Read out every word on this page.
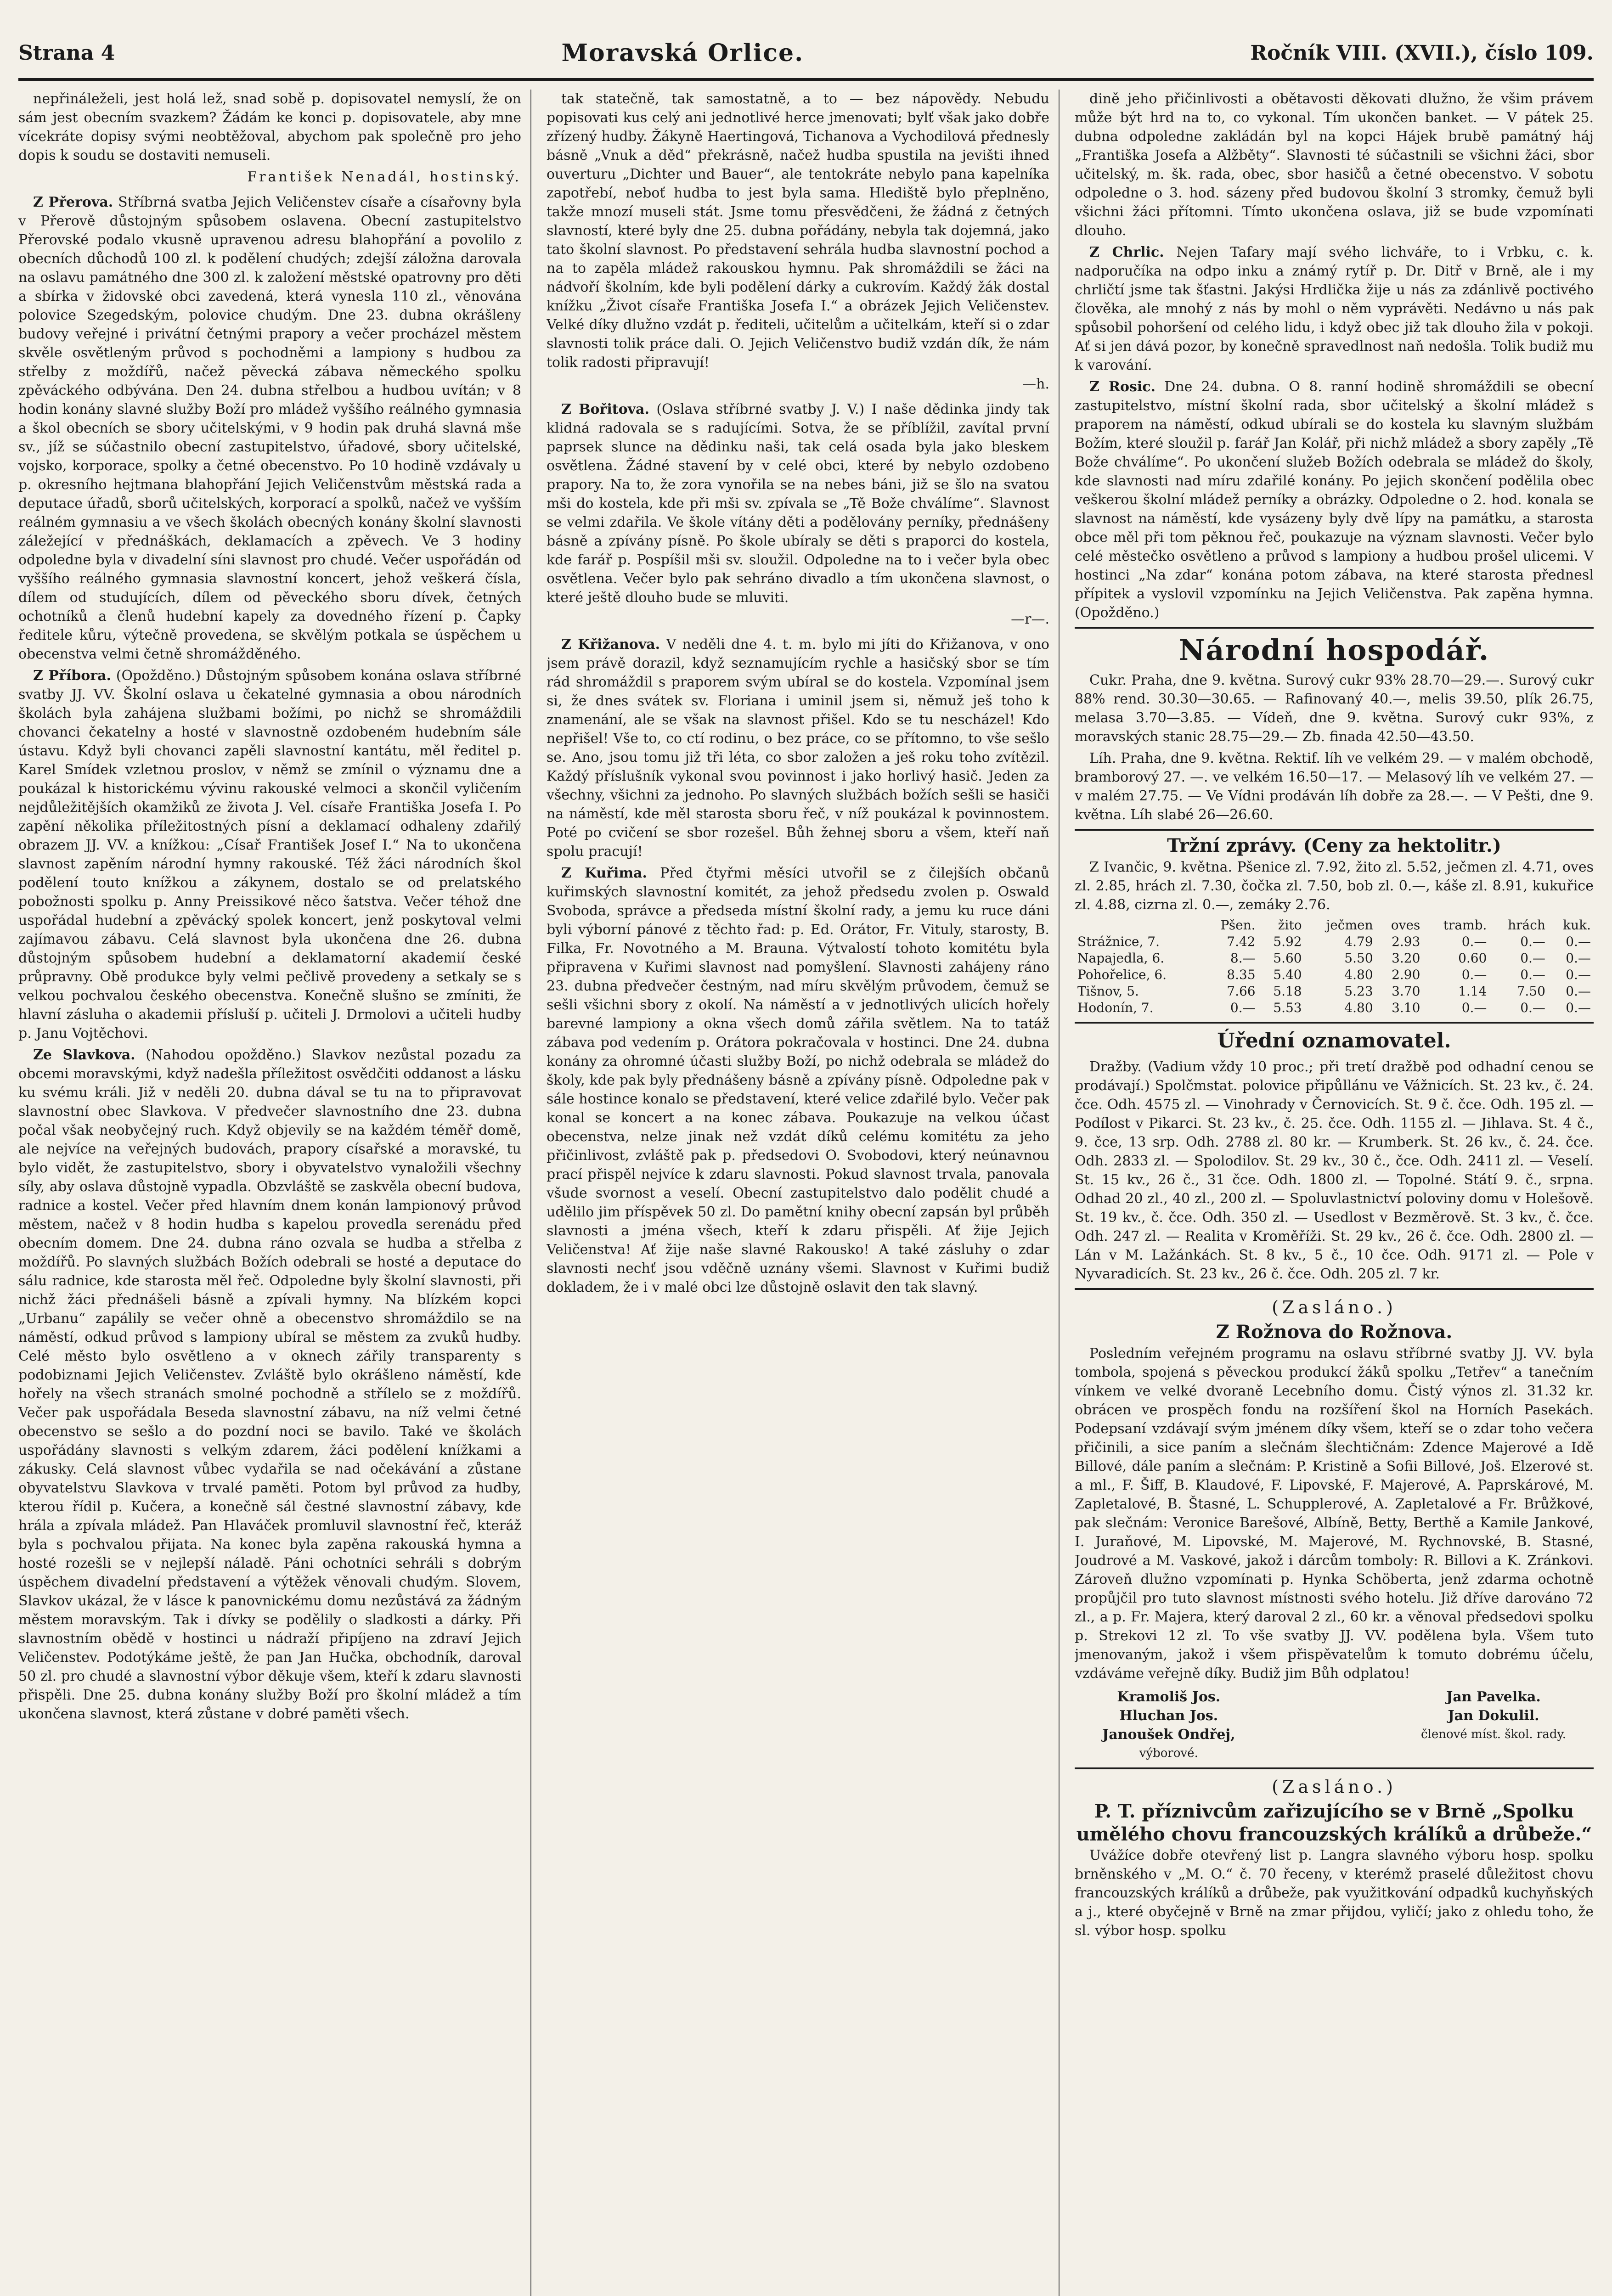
Strana 4	Moravská Orlice.	Ročník VIII. (XVII.), číslo 109.

nepřináleželi, jest holá lež, snad sobě p. dopisovatel nemyslí, že on sám jest obecním svazkem? Žádám ke konci p. dopisovatele, aby mne vícekráte dopisy svými neobtěžoval, abychom pak společně pro jeho dopis k soudu se dostaviti nemuseli.

František Nenadál, hostinský.

Z Přerova. Stříbrná svatba Jejich Veličenstev císaře a císařovny byla v Přerově důstojným spůsobem oslavena. Obecní zastupitelstvo Přerovské podalo vkusně upravenou adresu blahopřání a povolilo z obecních důchodů 100 zl. k podělení chudých; zdejší záložna darovala na oslavu památného dne 300 zl. k založení městské opatrovny pro děti a sbírka v židovské obci zavedená, která vynesla 110 zl., věnována polovice Szegedským, polovice chudým. Dne 23. dubna okrášleny budovy veřejné i privátní četnými prapory a večer procházel městem skvěle osvětleným průvod s pochodněmi a lampiony s hudbou za střelby z moždířů, načež pěvecká zábava německého spolku zpěváckého odbývána. Den 24. dubna střelbou a hudbou uvítán; v 8 hodin konány slavné služby Boží pro mládež vyššího reálného gymnasia a škol obecních se sbory učitelskými, v 9 hodin pak druhá slavná mše sv., jíž se súčastnilo obecní zastupitelstvo, úřadové, sbory učitelské, vojsko, korporace, spolky a četné obecenstvo. Po 10 hodině vzdávaly u p. okresního hejtmana blahopřání Jejich Veličenstvům městská rada a deputace úřadů, sborů učitelských, korporací a spolků, načež ve vyšším reálném gymnasiu a ve všech školách obecných konány školní slavnosti záležející v přednáškách, deklamacích a zpěvech. Ve 3 hodiny odpoledne byla v divadelní síni slavnost pro chudé. Večer uspořádán od vyššího reálného gymnasia slavnostní koncert, jehož veškerá čísla, dílem od studujících, dílem od pěveckého sboru dívek, četných ochotníků a členů hudební kapely za dovedného řízení p. Čapky ředitele kůru, výtečně provedena, se skvělým potkala se úspěchem u obecenstva velmi četně shromážděného.

Z Příbora. (Opožděno.) Důstojným spůsobem konána oslava stříbrné svatby JJ. VV. Školní oslava u čekatelné gymnasia a obou národních školách byla zahájena službami božími, po nichž se shromáždili chovanci čekatelny a hosté v slavnostně ozdobeném hudebním sále ústavu. Když byli chovanci zapěli slavnostní kantátu, měl ředitel p. Karel Smídek vzletnou proslov, v němž se zmínil o významu dne a poukázal k historickému vývinu rakouské velmoci a skončil vyličením nejdůležitějších okamžiků ze života J. Vel. císaře Františka Josefa I. Po zapění několika příležitostných písní a deklamací odhaleny zdařilý obrazem JJ. VV. a knížkou: „Císař František Josef I.“ Na to ukončena slavnost zapěním národní hymny rakouské. Též žáci národních škol podělení touto knížkou a zákynem, dostalo se od prelatského pobožnosti spolku p. Anny Preissikové něco šatstva. Večer téhož dne uspořádal hudební a zpěvácký spolek koncert, jenž poskytoval velmi zajímavou zábavu. Celá slavnost byla ukončena dne 26. dubna důstojným spůsobem hudební a deklamatorní akademií české průpravny. Obě produkce byly velmi pečlivě provedeny a setkaly se s velkou pochvalou českého obecenstva. Konečně slušno se zmíniti, že hlavní zásluha o akademii přísluší p. učiteli J. Drmolovi a učiteli hudby p. Janu Vojtěchovi.

Ze Slavkova. (Nahodou opožděno.) Slavkov nezůstal pozadu za obcemi moravskými, když nadešla příležitost osvědčiti oddanost a lásku ku svému králi. Již v neděli 20. dubna dával se tu na to připravovat slavnostní obec Slavkova. V předvečer slavnostního dne 23. dubna počal však neobyčejný ruch. Když objevily se na každém téměř domě, ale nejvíce na veřejných budovách, prapory císařské a moravské, tu bylo vidět, že zastupitelstvo, sbory i obyvatelstvo vynaložili všechny síly, aby oslava důstojně vypadla. Obzvláště se zaskvěla obecní budova, radnice a kostel. Večer před hlavním dnem konán lampionový průvod městem, načež v 8 hodin hudba s kapelou provedla serenádu před obecním domem. Dne 24. dubna ráno ozvala se hudba a střelba z moždířů. Po slavných službách Božích odebrali se hosté a deputace do sálu radnice, kde starosta měl řeč. Odpoledne byly školní slavnosti, při nichž žáci přednášeli básně a zpívali hymny. Na blízkém kopci „Urbanu“ zapálily se večer ohně a obecenstvo shromáždilo se na náměstí, odkud průvod s lampiony ubíral se městem za zvuků hudby. Celé město bylo osvětleno a v oknech zářily transparenty s podobiznami Jejich Veličenstev. Zvláště bylo okrášleno náměstí, kde hořely na všech stranách smolné pochodně a střílelo se z moždířů. Večer pak uspořádala Beseda slavnostní zábavu, na níž velmi četné obecenstvo se sešlo a do pozdní noci se bavilo. Také ve školách uspořádány slavnosti s velkým zdarem, žáci podělení knížkami a zákusky. Celá slavnost vůbec vydařila se nad očekávání a zůstane obyvatelstvu Slavkova v trvalé paměti. Potom byl průvod za hudby, kterou řídil p. Kučera, a konečně sál čestné slavnostní zábavy, kde hrála a zpívala mládež. Pan Hlaváček promluvil slavnostní řeč, kteráž byla s pochvalou přijata. Na konec byla zapěna rakouská hymna a hosté rozešli se v nejlepší náladě. Páni ochotníci sehráli s dobrým úspěchem divadelní představení a výtěžek věnovali chudým. Slovem, Slavkov ukázal, že v lásce k panovnickému domu nezůstává za žádným městem moravským. Tak i dívky se podělily o sladkosti a dárky. Při slavnostním obědě v hostinci u nádraží připíjeno na zdraví Jejich Veličenstev. Podotýkáme ještě, že pan Jan Hučka, obchodník, daroval 50 zl. pro chudé a slavnostní výbor děkuje všem, kteří k zdaru slavnosti přispěli. Dne 25. dubna konány služby Boží pro školní mládež a tím ukončena slavnost, která zůstane v dobré paměti všech.

tak statečně, tak samostatně, a to — bez nápovědy. Nebudu popisovati kus celý ani jednotlivé herce jmenovati; bylť však jako dobře zřízený hudby. Žákyně Haertingová, Tichanova a Vychodilová přednesly básně „Vnuk a děd“ překrásně, načež hudba spustila na jevišti ihned ouverturu „Dichter und Bauer“, ale tentokráte nebylo pana kapelníka zapotřebí, neboť hudba to jest byla sama. Hlediště bylo přeplněno, takže mnozí museli stát. Jsme tomu přesvědčeni, že žádná z četných slavností, které byly dne 25. dubna pořádány, nebyla tak dojemná, jako tato školní slavnost. Po představení sehrála hudba slavnostní pochod a na to zapěla mládež rakouskou hymnu. Pak shromáždili se žáci na nádvoří školním, kde byli podělení dárky a cukrovím. Každý žák dostal knížku „Život císaře Františka Josefa I.“ a obrázek Jejich Veličenstev. Velké díky dlužno vzdát p. řediteli, učitelům a učitelkám, kteří si o zdar slavnosti tolik práce dali. O. Jejich Veličenstvo budiž vzdán dík, že nám tolik radosti připravují!

—h.

Z Bořitova. (Oslava stříbrné svatby J. V.) I naše dědinka jindy tak klidná radovala se s radujícími. Sotva, že se příblížil, zavítal první paprsek slunce na dědinku naši, tak celá osada byla jako bleskem osvětlena. Žádné stavení by v celé obci, které by nebylo ozdobeno prapory. Na to, že zora vynořila se na nebes báni, již se šlo na svatou mši do kostela, kde při mši sv. zpívala se „Tě Bože chválíme“. Slavnost se velmi zdařila. Ve škole vítány děti a podělovány perníky, přednášeny básně a zpívány písně. Po škole ubíraly se děti s praporci do kostela, kde farář p. Pospíšil mši sv. sloužil. Odpoledne na to i večer byla obec osvětlena. Večer bylo pak sehráno divadlo a tím ukončena slavnost, o které ještě dlouho bude se mluviti.

—r—.

Z Křižanova. V neděli dne 4. t. m. bylo mi jíti do Křižanova, v ono jsem právě dorazil, když seznamujícím rychle a hasičský sbor se tím rád shromáždil s praporem svým ubíral se do kostela. Vzpomínal jsem si, že dnes svátek sv. Floriana i uminil jsem si, němuž ješ toho k znamenání, ale se však na slavnost přišel. Kdo se tu nescházel! Kdo nepřišel! Vše to, co ctí rodinu, o bez práce, co se přítomno, to vše sešlo se. Ano, jsou tomu již tři léta, co sbor založen a ješ roku toho zvítězil. Každý příslušník vykonal svou povinnost i jako horlivý hasič. Jeden za všechny, všichni za jednoho. Po slavných službách božích sešli se hasiči na náměstí, kde měl starosta sboru řeč, v níž poukázal k povinnostem. Poté po cvičení se sbor rozešel. Bůh žehnej sboru a všem, kteří naň spolu pracují!

Z Kuřima. Před čtyřmi měsíci utvořil se z čilejších občanů kuřimských slavnostní komitét, za jehož předsedu zvolen p. Oswald Svoboda, správce a předseda místní školní rady, a jemu ku ruce dáni byli výborní pánové z těchto řad: p. Ed. Orátor, Fr. Vituly, starosty, B. Filka, Fr. Novotného a M. Brauna. Výtvalostí tohoto komitétu byla připravena v Kuřimi slavnost nad pomyšlení. Slavnosti zahájeny ráno 23. dubna předvečer čestným, nad míru skvělým průvodem, čemuž se sešli všichni sbory z okolí. Na náměstí a v jednotlivých ulicích hořely barevné lampiony a okna všech domů zářila světlem. Na to tatáž zábava pod vedením p. Orátora pokračovala v hostinci. Dne 24. dubna konány za ohromné účasti služby Boží, po nichž odebrala se mládež do školy, kde pak byly přednášeny básně a zpívány písně. Odpoledne pak v sále hostince konalo se představení, které velice zdařilé bylo. Večer pak konal se koncert a na konec zábava. Poukazuje na velkou účast obecenstva, nelze jinak než vzdát díků celému komitétu za jeho přičinlivost, zvláště pak p. předsedovi O. Svobodovi, který neúnavnou prací přispěl nejvíce k zdaru slavnosti. Pokud slavnost trvala, panovala všude svornost a veselí. Obecní zastupitelstvo dalo podělit chudé a udělilo jim příspěvek 50 zl. Do pamětní knihy obecní zapsán byl průběh slavnosti a jména všech, kteří k zdaru přispěli. Ať žije Jejich Veličenstva! Ať žije naše slavné Rakousko! A také zásluhy o zdar slavnosti nechť jsou vděčně uznány všemi. Slavnost v Kuřimi budiž dokladem, že i v malé obci lze důstojně oslavit den tak slavný.

dině jeho přičinlivosti a obětavosti děkovati dlužno, že všim právem může být hrd na to, co vykonal. Tím ukončen banket. — V pátek 25. dubna odpoledne zakládán byl na kopci Hájek brubě památný háj „Františka Josefa a Alžběty“. Slavnosti té súčastnili se všichni žáci, sbor učitelský, m. šk. rada, obec, sbor hasičů a četné obecenstvo. V sobotu odpoledne o 3. hod. sázeny před budovou školní 3 stromky, čemuž byli všichni žáci přítomni. Tímto ukončena oslava, již se bude vzpomínati dlouho.

Z Chrlic. Nejen Tafary mají svého lichváře, to i Vrbku, c. k. nadporučíka na odpo inku a známý rytíř p. Dr. Ditř v Brně, ale i my chrličtí jsme tak šťastni. Jakýsi Hrdlička žije u nás za zdánlivě poctivého člověka, ale mnohý z nás by mohl o něm vyprávěti. Nedávno u nás pak spůsobil pohoršení od celého lidu, i když obec již tak dlouho žila v pokoji. Ať si jen dává pozor, by konečně spravedlnost naň nedošla. Tolik budiž mu k varování.

Z Rosic. Dne 24. dubna. O 8. ranní hodině shromáždili se obecní zastupitelstvo, místní školní rada, sbor učitelský a školní mládež s praporem na náměstí, odkud ubírali se do kostela ku slavným službám Božím, které sloužil p. farář Jan Kolář, při nichž mládež a sbory zapěly „Tě Bože chválíme“. Po ukončení služeb Božích odebrala se mládež do školy, kde slavnosti nad míru zdařilé konány. Po jejich skončení podělila obec veškerou školní mládež perníky a obrázky. Odpoledne o 2. hod. konala se slavnost na náměstí, kde vysázeny byly dvě lípy na památku, a starosta obce měl při tom pěknou řeč, poukazuje na význam slavnosti. Večer bylo celé městečko osvětleno a průvod s lampiony a hudbou prošel ulicemi. V hostinci „Na zdar“ konána potom zábava, na které starosta přednesl přípitek a vyslovil vzpomínku na Jejich Veličenstva. Pak zapěna hymna. (Opožděno.)

Národní hospodář.

Cukr. Praha, dne 9. května. Surový cukr 93% 28.70—29.—. Surový cukr 88% rend. 30.30—30.65. — Rafinovaný 40.—, melis 39.50, plík 26.75, melasa 3.70—3.85. — Vídeň, dne 9. května. Surový cukr 93%, z moravských stanic 28.75—29.— Zb. finada 42.50—43.50.

Líh. Praha, dne 9. května. Rektif. líh ve velkém 29. — v malém obchodě, bramborový 27. —. ve velkém 16.50—17. — Melasový líh ve velkém 27. — v malém 27.75. — Ve Vídni prodáván líh dobře za 28.—. — V Pešti, dne 9. května. Líh slabé 26—26.60.

Tržní zprávy. (Ceny za hektolitr.)

Z Ivančic, 9. května. Pšenice zl. 7.92, žito zl. 5.52, ječmen zl. 4.71, oves zl. 2.85, hrách zl. 7.30, čočka zl. 7.50, bob zl. 0.—, káše zl. 8.91, kukuřice zl. 4.88, cizrna zl. 0.—, zemáky 2.76.

	Pšen.	žito	ječmen	oves	tramb.	hrách	kuk.
Strážnice, 7.	7.42	5.92	4.79	2.93	0.—	0.—	0.—
Napajedla, 6.	8.—	5.60	5.50	3.20	0.60	0.—	0.—
Pohořelice, 6.	8.35	5.40	4.80	2.90	0.—	0.—	0.—
Tišnov, 5.	7.66	5.18	5.23	3.70	1.14	7.50	0.—
Hodonín, 7.	0.—	5.53	4.80	3.10	0.—	0.—	0.—
Úřední oznamovatel.

Dražby. (Vadium vždy 10 proc.; při tretí dražbě pod odhadní cenou se prodávají.) Spolčmstat. polovice připůllánu ve Vážnicích. St. 23 kv., č. 24. čce. Odh. 4575 zl. — Vinohrady v Černovicích. St. 9 č. čce. Odh. 195 zl. — Podílost v Pikarci. St. 23 kv., č. 25. čce. Odh. 1155 zl. — Jihlava. St. 4 č., 9. čce, 13 srp. Odh. 2788 zl. 80 kr. — Krumberk. St. 26 kv., č. 24. čce. Odh. 2833 zl. — Spolodilov. St. 29 kv., 30 č., čce. Odh. 2411 zl. — Veselí. St. 15 kv., 26 č., 31 čce. Odh. 1800 zl. — Topolné. Státí 9. č., srpna. Odhad 20 zl., 40 zl., 200 zl. — Spoluvlastnictví poloviny domu v Holešově. St. 19 kv., č. čce. Odh. 350 zl. — Usedlost v Bezměrově. St. 3 kv., č. čce. Odh. 247 zl. — Realita v Kroměříži. St. 29 kv., 26 č. čce. Odh. 2800 zl. — Lán v M. Lažánkách. St. 8 kv., 5 č., 10 čce. Odh. 9171 zl. — Pole v Nyvaradicích. St. 23 kv., 26 č. čce. Odh. 205 zl. 7 kr.

(Zasláno.)
Z Rožnova do Rožnova.

Posledním veřejném programu na oslavu stříbrné svatby JJ. VV. byla tombola, spojená s pěveckou produkcí žáků spolku „Tetřev“ a tanečním vínkem ve velké dvoraně Lecebního domu. Čistý výnos zl. 31.32 kr. obrácen ve prospěch fondu na rozšíření škol na Horních Pasekách. Podepsaní vzdávají svým jménem díky všem, kteří se o zdar toho večera přičinili, a sice paním a slečnám šlechtičnám: Zdence Majerové a Idě Billové, dále paním a slečnám: P. Kristině a Sofii Billové, Još. Elzerové st. a ml., F. Šiff, B. Klaudové, F. Lipovské, F. Majerové, A. Paprskárové, M. Zapletalové, B. Štasné, L. Schupplerové, A. Zapletalové a Fr. Brůžkové, pak slečnám: Veronice Barešové, Albíně, Betty, Berthě a Kamile Jankové, I. Juraňové, M. Lipovské, M. Majerové, M. Rychnovské, B. Stasné, Joudrové a M. Vaskové, jakož i dárcům tomboly: R. Billovi a K. Zránkovi. Zároveň dlužno vzpomínati p. Hynka Schöberta, jenž zdarma ochotně propůjčil pro tuto slavnost místnosti svého hotelu. Již dříve darováno 72 zl., a p. Fr. Majera, který daroval 2 zl., 60 kr. a věnoval předsedovi spolku p. Strekovi 12 zl. To vše svatby JJ. VV. podělena byla. Všem tuto jmenovaným, jakož i všem přispěvatelům k tomuto dobrému účelu, vzdáváme veřejně díky. Budiž jim Bůh odplatou!

Kramoliš Jos.
Hluchan Jos.
Janoušek Ondřej,
výborové.
Jan Pavelka.
Jan Dokulil.
členové míst. škol. rady.
(Zasláno.)
P. T. příznivcům zařizujícího se v Brně „Spolku umělého chovu francouzských králíků a drůbeže.“

Uvážíce dobře otevřený list p. Langra slavného výboru hosp. spolku brněnského v „M. O.“ č. 70 řeceny, v kterémž praselé důležitost chovu francouzských králíků a drůbeže, pak využitkování odpadků kuchyňských a j., které obyčejně v Brně na zmar přijdou, vyličí; jako z ohledu toho, že sl. výbor hosp. spolku
